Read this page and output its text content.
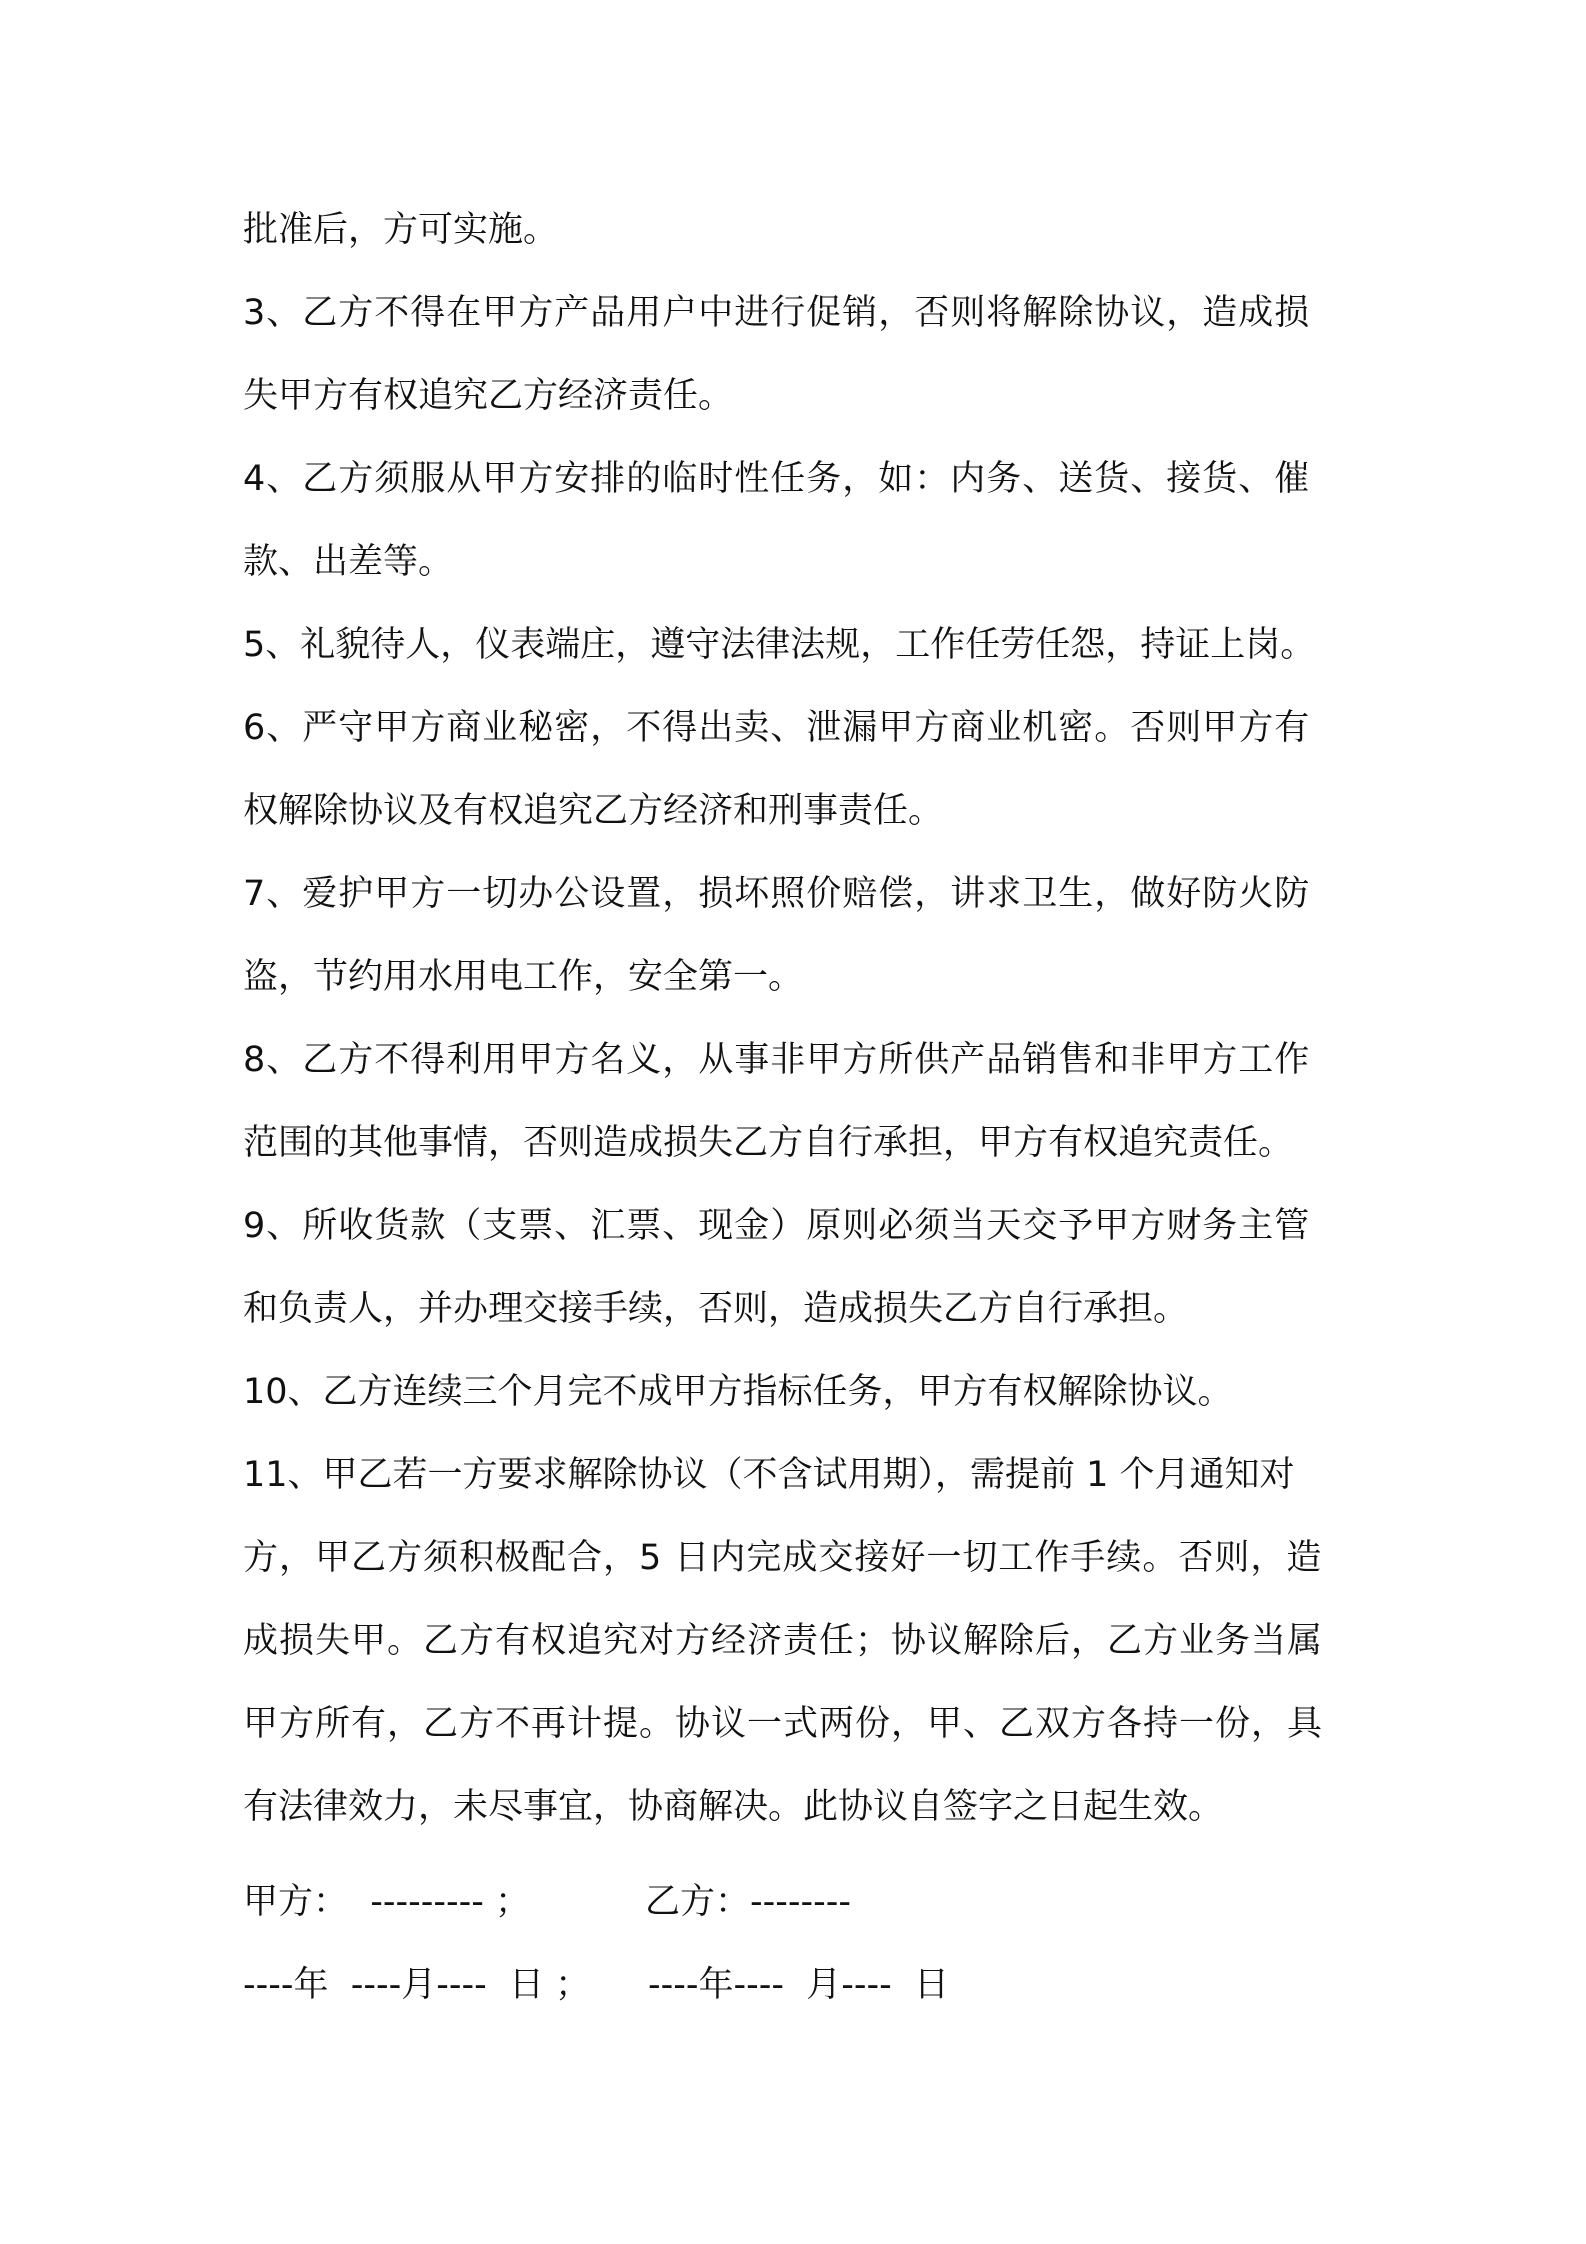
批准后，方可实施。

3、乙方不得在甲方产品用户中进行促销，否则将解除协议，造成损

失甲方有权追究乙方经济责任。

4、乙方须服从甲方安排的临时性任务，如：内务、送货、接货、催

款、出差等。

5、礼貌待人，仪表端庄，遵守法律法规，工作任劳任怨，持证上岗。

6、严守甲方商业秘密，不得出卖、泄漏甲方商业机密。否则甲方有

权解除协议及有权追究乙方经济和刑事责任。

7、爱护甲方一切办公设置，损坏照价赔偿，讲求卫生，做好防火防

盗，节约用水用电工作，安全第一。

8、乙方不得利用甲方名义，从事非甲方所供产品销售和非甲方工作

范围的其他事情，否则造成损失乙方自行承担，甲方有权追究责任。

9、所收货款（支票、汇票、现金）原则必须当天交予甲方财务主管

和负责人，并办理交接手续，否则，造成损失乙方自行承担。

10、乙方连续三个月完不成甲方指标任务，甲方有权解除协议。

11、甲乙若一方要求解除协议（不含试用期），需提前 1 个月通知对

方，甲乙方须积极配合，5 日内完成交接好一切工作手续。否则，造

成损失甲。乙方有权追究对方经济责任；协议解除后，乙方业务当属

甲方所有，乙方不再计提。协议一式两份，甲、乙双方各持一份，具

有法律效力，未尽事宜，协商解决。此协议自签字之日起生效。

甲方：  --------- ；	乙方：--------

----年  ----月----  日 ； ----年----  月----  日
